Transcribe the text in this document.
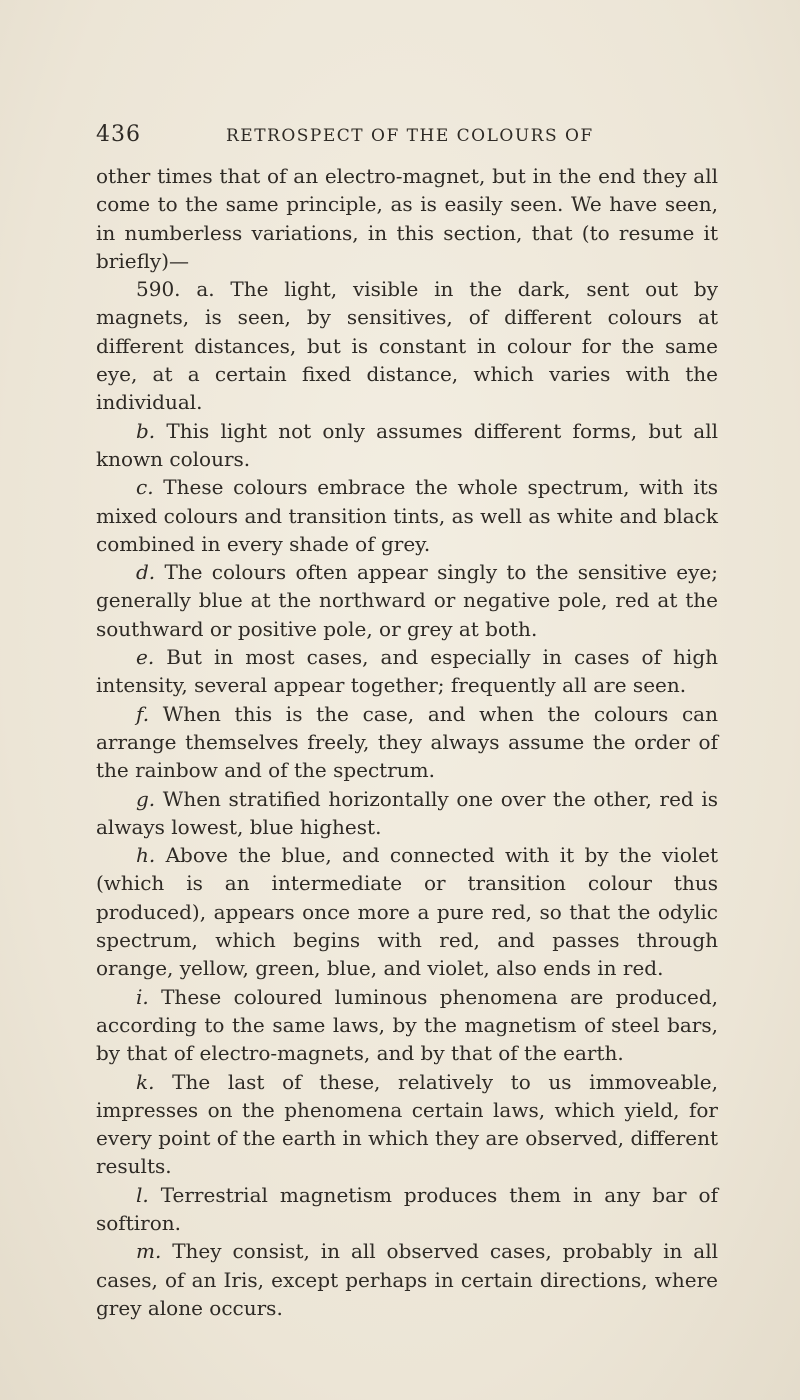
436	RETROSPECT OF THE COLOURS OF

other times that of an electro-magnet, but in the end they all come to the same principle, as is easily seen. We have seen, in numberless variations, in this section, that (to resume it briefly)—

590. a. The light, visible in the dark, sent out by magnets, is seen, by sensitives, of different colours at different distances, but is constant in colour for the same eye, at a certain fixed distance, which varies with the individual.

b. This light not only assumes different forms, but all known colours.

c. These colours embrace the whole spectrum, with its mixed colours and transition tints, as well as white and black combined in every shade of grey.

d. The colours often appear singly to the sensitive eye; generally blue at the northward or negative pole, red at the southward or positive pole, or grey at both.

e. But in most cases, and especially in cases of high intensity, several appear together; frequently all are seen.

f. When this is the case, and when the colours can arrange themselves freely, they always assume the order of the rainbow and of the spectrum.

g. When stratified horizontally one over the other, red is always lowest, blue highest.

h. Above the blue, and connected with it by the violet (which is an intermediate or transition colour thus produced), appears once more a pure red, so that the odylic spectrum, which begins with red, and passes through orange, yellow, green, blue, and violet, also ends in red.

i. These coloured luminous phenomena are produced, according to the same laws, by the magnetism of steel bars, by that of electro-magnets, and by that of the earth.

k. The last of these, relatively to us immoveable, impresses on the phenomena certain laws, which yield, for every point of the earth in which they are observed, different results.

l. Terrestrial magnetism produces them in any bar of softiron.

m. They consist, in all observed cases, probably in all cases, of an Iris, except perhaps in certain directions, where grey alone occurs.
